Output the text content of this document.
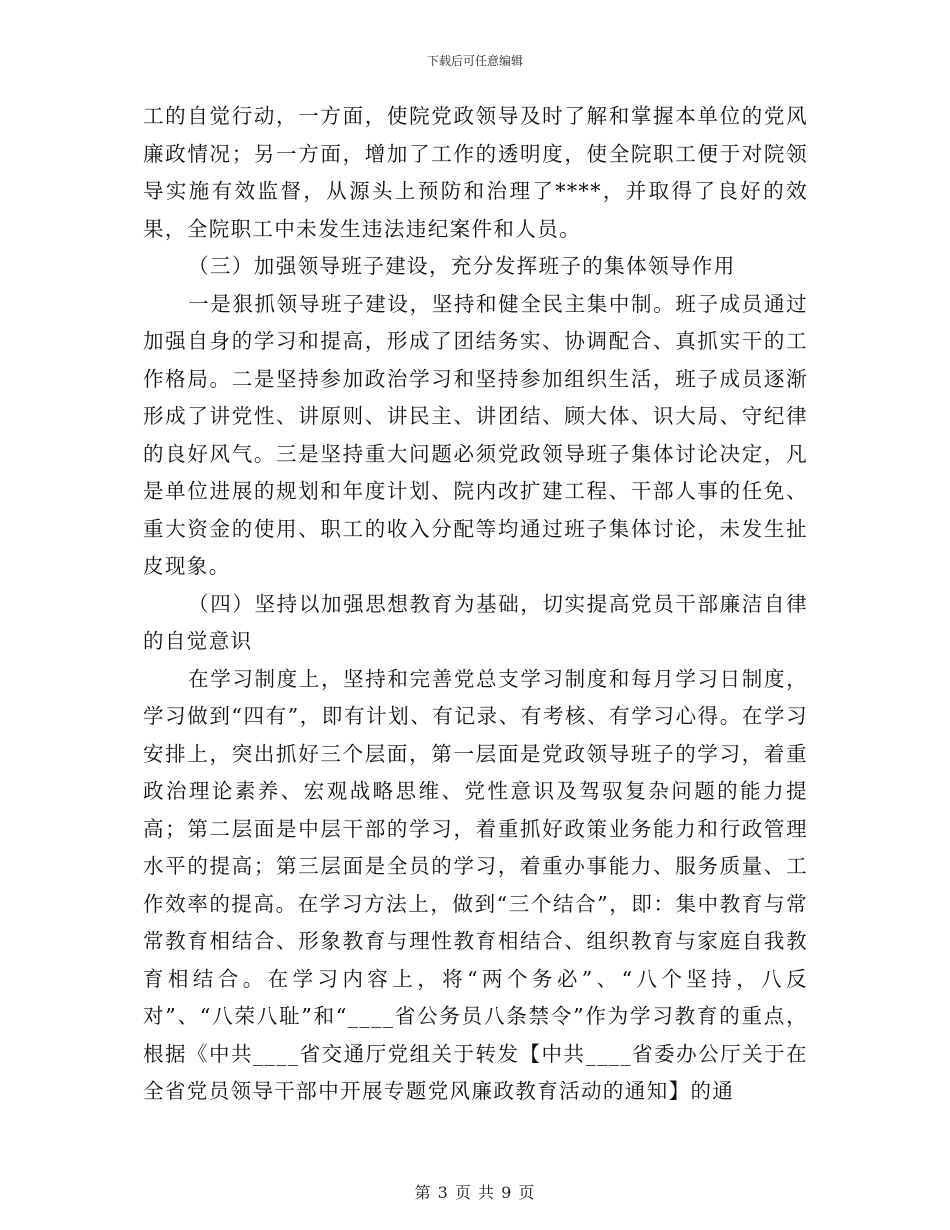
下载后可任意编辑

工的自觉行动，一方面，使院党政领导及时了解和掌握本单位的党风廉政情况；另一方面，增加了工作的透明度，使全院职工便于对院领导实施有效监督，从源头上预防和治理了****，并取得了良好的效果，全院职工中未发生违法违纪案件和人员。

（三）加强领导班子建设，充分发挥班子的集体领导作用

一是狠抓领导班子建设，坚持和健全民主集中制。班子成员通过加强自身的学习和提高，形成了团结务实、协调配合、真抓实干的工作格局。二是坚持参加政治学习和坚持参加组织生活，班子成员逐渐形成了讲党性、讲原则、讲民主、讲团结、顾大体、识大局、守纪律的良好风气。三是坚持重大问题必须党政领导班子集体讨论决定，凡是单位进展的规划和年度计划、院内改扩建工程、干部人事的任免、重大资金的使用、职工的收入分配等均通过班子集体讨论，未发生扯皮现象。

（四）坚持以加强思想教育为基础，切实提高党员干部廉洁自律的自觉意识

在学习制度上，坚持和完善党总支学习制度和每月学习日制度，学习做到“四有”，即有计划、有记录、有考核、有学习心得。在学习安排上，突出抓好三个层面，第一层面是党政领导班子的学习，着重政治理论素养、宏观战略思维、党性意识及驾驭复杂问题的能力提高；第二层面是中层干部的学习，着重抓好政策业务能力和行政管理水平的提高；第三层面是全员的学习，着重办事能力、服务质量、工作效率的提高。在学习方法上，做到“三个结合”，即：集中教育与常常教育相结合、形象教育与理性教育相结合、组织教育与家庭自我教育相结合。在学习内容上，将“两个务必”、“八个坚持，八反对”、“八荣八耻”和“____省公务员八条禁令”作为学习教育的重点，根据《中共____省交通厅党组关于转发【中共____省委办公厅关于在全省党员领导干部中开展专题党风廉政教育活动的通知】的通

第 3 页 共 9 页
